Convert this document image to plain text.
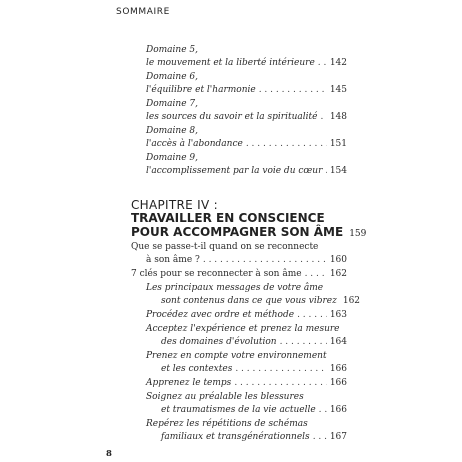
SOMMAIRE
Domaine 5,
le mouvement et la liberté intérieure . . . 142
Domaine 6,
l'équilibre et l'harmonie . . .	145
Domaine 7,
les sources du savoir et la spiritualité . . . 148
Domaine 8,
l'accès à l'abondance . . .	151
Domaine 9,
l'accomplissement par la voie du cœur . . . 154
CHAPITRE IV :
TRAVAILLER EN CONSCIENCE
POUR ACCOMPAGNER SON ÂME 159
Que se passe-t-il quand on se reconnecte
à son âme ? . . .	160
7 clés pour se reconnecter à son âme . . .	162
Les principaux messages de votre âme
sont contenus dans ce que vous vibrez 162
Procédez avec ordre et méthode . . .	163
Acceptez l'expérience et prenez la mesure
des domaines d'évolution . . .	164
Prenez en compte votre environnement
et les contextes . . .	166
Apprenez le temps . . .	166
Soignez au préalable les blessures
et traumatismes de la vie actuelle . . . 166
Repérez les répétitions de schémas
familiaux et transgénérationnels . . . 167
8
